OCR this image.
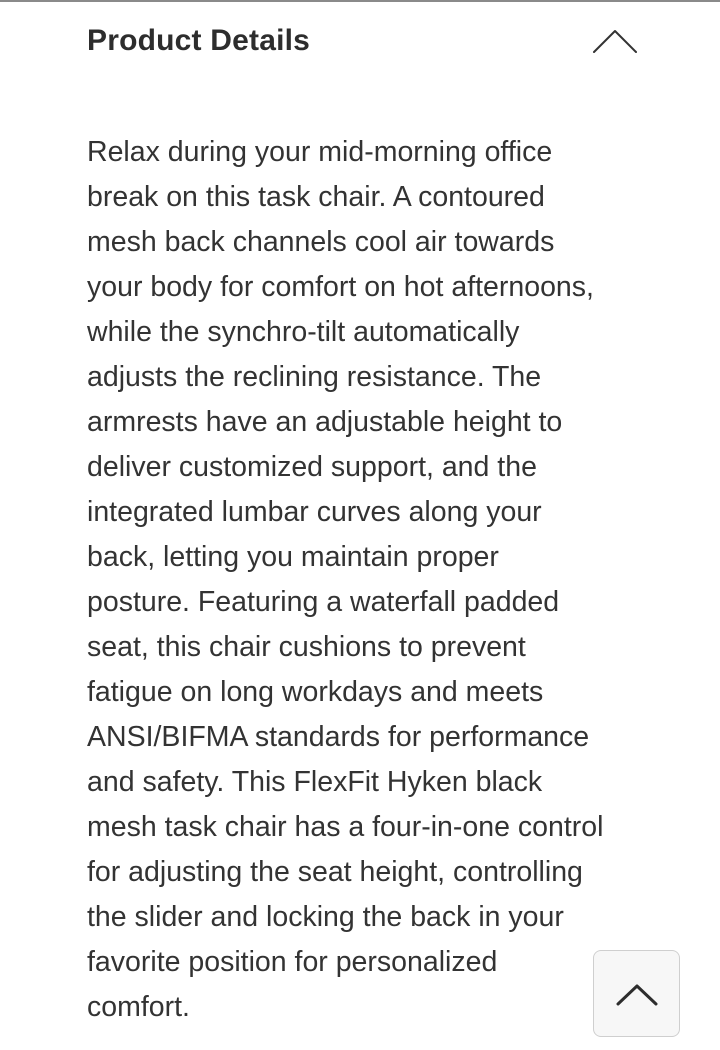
Product Details

Relax during your mid-morning office
break on this task chair. A contoured
mesh back channels cool air towards
your body for comfort on hot afternoons,
while the synchro-tilt automatically
adjusts the reclining resistance. The
armrests have an adjustable height to
deliver customized support, and the
integrated lumbar curves along your
back, letting you maintain proper
posture. Featuring a waterfall padded
seat, this chair cushions to prevent
fatigue on long workdays and meets
ANSI/BIFMA standards for performance
and safety. This FlexFit Hyken black
mesh task chair has a four-in-one control
for adjusting the seat height, controlling
the slider and locking the back in your
favorite position for personalized
comfort.
